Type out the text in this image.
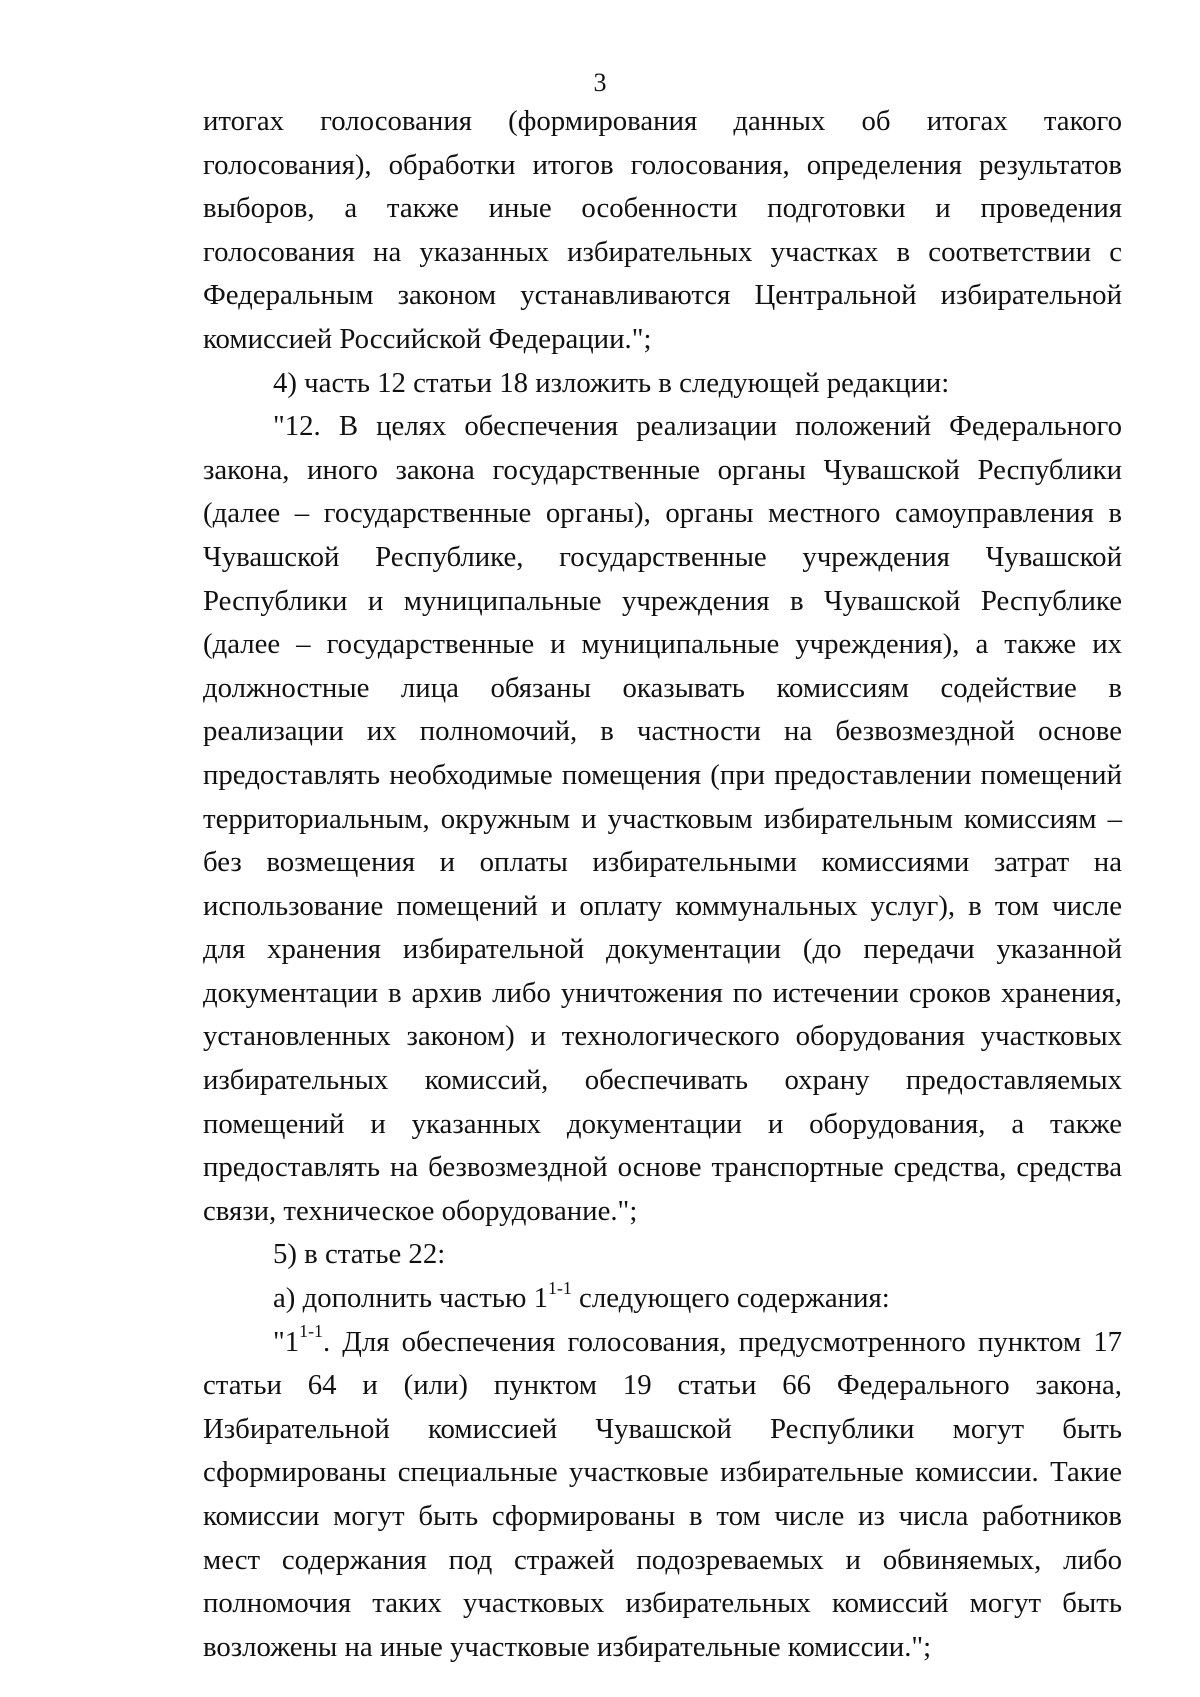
3

итогах голосования (формирования данных об итогах такого голосования), обработки итогов голосования, определения результатов выборов, а также иные особенности подготовки и проведения голосования на указанных избирательных участках в соответствии с Федеральным законом устанавливаются Центральной избирательной комиссией Российской Федерации.";

4) часть 12 статьи 18 изложить в следующей редакции:

"12. В целях обеспечения реализации положений Федерального закона, иного закона государственные органы Чувашской Республики (далее – государственные органы), органы местного самоуправления в Чувашской Республике, государственные учреждения Чувашской Республики и муниципальные учреждения в Чувашской Республике (далее – государственные и муниципальные учреждения), а также их должностные лица обязаны оказывать комиссиям содействие в реализации их полномочий, в частности на безвозмездной основе предоставлять необходимые помещения (при предоставлении помещений территориальным, окружным и участковым избирательным комиссиям – без возмещения и оплаты избирательными комиссиями затрат на использование помещений и оплату коммунальных услуг), в том числе для хранения избирательной документации (до передачи указанной документации в архив либо уничтожения по истечении сроков хранения, установленных законом) и технологического оборудования участковых избирательных комиссий, обеспечивать охрану предоставляемых помещений и указанных документации и оборудования, а также предоставлять на безвозмездной основе транспортные средства, средства связи, техническое оборудование.";

5) в статье 22:

а) дополнить частью 1$^{1-1}$ следующего содержания:

"1$^{1-1}$. Для обеспечения голосования, предусмотренного пунктом 17 статьи 64 и (или) пунктом 19 статьи 66 Федерального закона, Избирательной комиссией Чувашской Республики могут быть сформированы специальные участковые избирательные комиссии. Такие комиссии могут быть сформированы в том числе из числа работников мест содержания под стражей подозреваемых и обвиняемых, либо полномочия таких участковых избирательных комиссий могут быть возложены на иные участковые избирательные комиссии.";
